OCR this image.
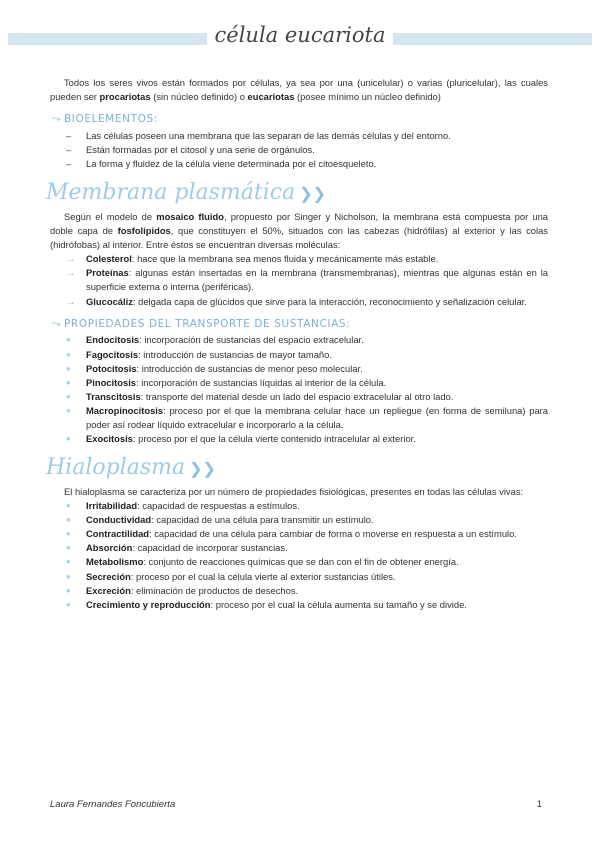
célula eucariota

Todos los seres vivos están formados por células, ya sea por una (unicelular) o varias (pluricelular), las cuales pueden ser procariotas (sin núcleo definido) o eucariotas (posee mínimo un núcleo definido)

⤳ BIOELEMENTOS:
– Las células poseen una membrana que las separan de las demás células y del entorno.
– Están formadas por el citosol y una serie de orgánulos.
– La forma y fluidez de la célula viene determinada por el citoesqueleto.
Membrana plasmática ❯❯

Según el modelo de mosaico fluido, propuesto por Singer y Nicholson, la membrana está compuesta por una doble capa de fosfolípidos, que constituyen el 50%, situados con las cabezas (hidrófilas) al exterior y las colas (hidrófobas) al interior. Entre éstos se encuentran diversas moléculas:

→ Colesterol: hace que la membrana sea menos fluida y mecánicamente más estable.
→ Proteínas: algunas están insertadas en la membrana (transmembranas), mientras que algunas están en la superficie externa o interna (periféricas).
→ Glucocáliz: delgada capa de glúcidos que sirve para la interacción, reconocimiento y señalización celular.
⤳ PROPIEDADES DEL TRANSPORTE DE SUSTANCIAS:
● Endocitosis: incorporación de sustancias del espacio extracelular.
● Fagocitosis: introducción de sustancias de mayor tamaño.
● Potocitosis: introducción de sustancias de menor peso molecular.
● Pinocitosis: incorporación de sustancias líquidas al interior de la célula.
● Transcitosis: transporte del material desde un lado del espacio extracelular al otro lado.
● Macropinocitosis: proceso por el que la membrana celular hace un repliegue (en forma de semiluna) para poder así rodear líquido extracelular e incorporarlo a la célula.
● Exocitosis: proceso por el que la célula vierte contenido intracelular al exterior.
Hialoplasma ❯❯

El hialoplasma se caracteriza por un número de propiedades fisiológicas, presentes en todas las células vivas:

● Irritabilidad: capacidad de respuestas a estímulos.
● Conductividad: capacidad de una célula para transmitir un estímulo.
● Contractilidad: capacidad de una célula para cambiar de forma o moverse en respuesta a un estímulo.
● Absorción: capacidad de incorporar sustancias.
● Metabolismo: conjunto de reacciones químicas que se dan con el fin de obtener energía.
● Secreción: proceso por el cual la célula vierte al exterior sustancias útiles.
● Excreción: eliminación de productos de desechos.
● Crecimiento y reproducción: proceso por el cual la célula aumenta su tamaño y se divide.
Laura Fernandes Foncubierta	1
